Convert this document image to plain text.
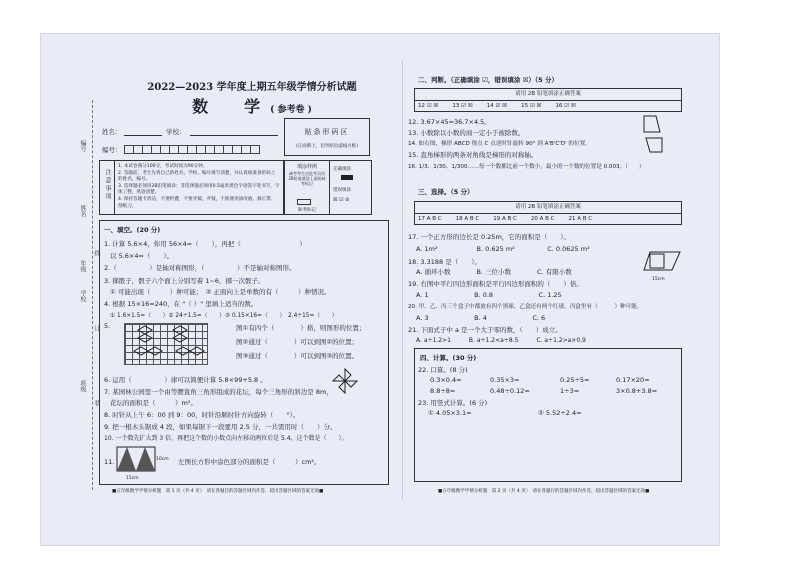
编号
姓名
年级
学校
班级
线
订
装
2022—2023 学年度上期五年级学情分析试题
数　学( 参考卷 )
姓名：	学校：
编号：
贴条形码区
(正面朝上，切勿贴出虚线方框)
注意事项
1. 本试卷满分100分，考试时间为90分钟。
2. 答题前，考生先将自己的姓名、学校、编号填写清楚，并认真核准条形码上的姓名、编号。
3. 选择题必须用2B铅笔填涂；非选择题必须用0.5毫米黑色字迹签字笔书写，字体工整，笔迹清楚。
4. 保持答题卡清洁，不要折叠，不要弄破、弄皱，不准使用涂改液、修正带、刮纸刀。
填涂样例
缺考考生由监考员用2B铅笔填涂上面的缺考标记
缺考标记
正确填涂
错误填涂
☒ ☑ ⊘
一、填空。(20 分)
1. 计算 5.6×4，你用 56×4=（　　），再把（　　　　　　　　　）
以 5.6×4=（　　）。
2.（　　　　　）是轴对称图形，（　　　　　）不是轴对称图形。
3. 掷骰子，骰子六个面上分别写着 1~6，掷一次骰子。
① 可能出现（　　　）种可能；　② 正面向上是单数的有（　　　）种情况。
4. 根据 15×16=240，在 "（ ）" 里填上适当的数。
① 1.6×1.5=（　　）② 24÷1.5=（　　）③ 0.15×16=（　　）　2.4÷15=（　　）
5.	图①有四个（　　　　）格，则图形的位置；
图②通过（　　　　）可以到图②的位置；
图③通过（　　　　）可以到图③的位置。
6. 运用（　　　　　）律可以简便计算 5.8×99+5.8 。
7. 某园林公园里一个由等腰直角三角形组成的花坛，每个三角形的斜边是 8m，
花坛的面积是（　　　）m²。
8. 时针从上午 6：00 到 9：00，时针沿顺时针方向旋转（　　°）。
9. 把一根木头锯成 4 段，如果每锯下一段要用 2.5 分，一共需用时（　　）分。
10. 一个数先扩大到 3 倍，再把这个数的小数点向左移动两位后是 5.4，这个数是（　　）。
11.	10cm
15cm
左图长方形中涂色部分的面积是（　　　）cm²。
■五年级数学学情分析题　第 1 页（共 4 页）　请在各题目的答题区域内作答，超出答题区域的答案无效■
二、判断。（正确填涂 ☑，错误填涂 ☒）（5 分）
请用 2B 铅笔填涂正确答案
12 ☑ ☒	13 ☑ ☒	14 ☑ ☒	15 ☑ ☒	16 ☑ ☒
12. 3.67×45=36.7×4.5。
13. 小数除以小数的商一定小于被除数。
14. 如右图，梯形 ABCD 绕点 C 点逆时针旋转 90° 到 A'B'C'D' 的位置。
15. 直角梯形的两条对角线是梯形的对称轴。
16. 1/3、1/30、1/300……每一个数都比前一个数小，最小的一个数的位置是 0.003。（　　）
三、选择。（5 分）
请用 2B 铅笔填涂正确答案
17 A B C	18 A B C	19 A B C	20 A B C	21 A B C
17. 一个正方形的边长是 0.25m，它的面积是（　　）。
A. 1m²　　　　　　B. 0.625 m²　　　　　C. 0.0625 m²
18. 3.3188 是（　　）。
A. 循环小数　　　　B. 三位小数　　　　C. 有限小数
19. 右图中平行四边形面积是平行四边形面积的（　　）倍。
A. 1　　　　　　　B. 0.8　　　　　　　C. 1.25
15cm
20. 甲、乙、丙三个盒子中都放有四个黑球，乙盒还有两个红球，丙盒里有（　　　）种可能。
A. 3　　　　　　　B. 4　　　　　　　C. 6
21. 下面式子中 a 是一个大于零的数，（　　）成立。
A. a÷1.2>1　　　B. a÷1.2<a÷8.5　　　C. a÷1.2>a×0.9
四、计算。(30 分)
22. 口算。(8 分)
0.3×0.4=	0.35×3=	0.25÷5=	0.17×20=
8.8÷8=	0.48÷0.12=	1÷3=	3×0.8+3.8=
23. 用竖式计算。(6 分)
① 4.05×3.1=	② 5.52÷2.4=
■五年级数学学情分析题　第 2 页（共 4 页）　请在各题目的答题区域内作答，超出答题区域的答案无效■
